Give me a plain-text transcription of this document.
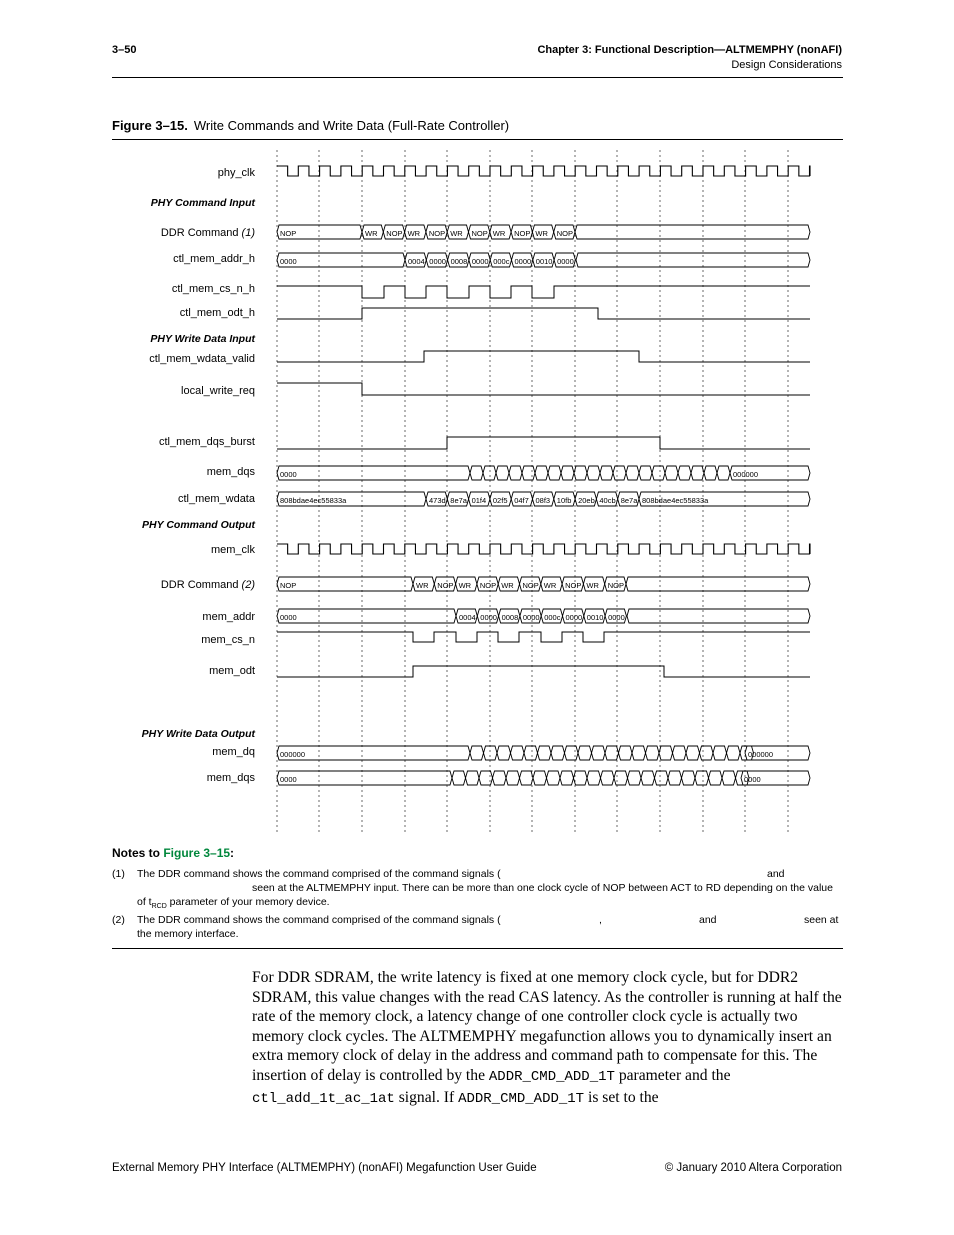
3–50	Chapter 3: Functional Description—ALTMEMPHY (nonAFI)
Design Considerations
Figure 3–15. Write Commands and Write Data (Full-Rate Controller)
phy_clk
PHY Command Input
DDR Command (1)
ctl_mem_addr_h
ctl_mem_cs_n_h
ctl_mem_odt_h
PHY Write Data Input
ctl_mem_wdata_valid
local_write_req
ctl_mem_dqs_burst
mem_dqs
ctl_mem_wdata
PHY Command Output
mem_clk
DDR Command (2)
mem_addr
mem_cs_n
mem_odt
PHY Write Data Output
mem_dq
mem_dqs
NOP	WR NOP WR NOP WR NOP WR NOP WR NOP
0000	0004 0000 0008 0000 000c 0000 0010 0000
0000	000000
808bdae4ec55833a	473d 8e7a 01f4 02f5 04f7 08f3 10fb 20eb 40cb 8e7a 808bdae4ec55833a
NOP	WR NOP WR NOP WR NOP WR NOP WR NOP
0000	0004 0000 0008 0000 000c 0000 0010 0000
000000	000000
0000	0000
Notes to Figure 3–15:
(1) The DDR command shows the command comprised of the command signals (	and
seen at the ALTMEMPHY input. There can be more than one clock cycle of NOP between ACT to RD depending on the value
of $t_{RCD}$ parameter of your memory device.
(2) The DDR command shows the command comprised of the command signals (	,	and	seen at
the memory interface.
For DDR SDRAM, the write latency is fixed at one memory clock cycle, but for DDR2 SDRAM, this value changes with the read CAS latency. As the controller is running at half the rate of the memory clock, a latency change of one controller clock cycle is actually two memory clock cycles. The ALTMEMPHY megafunction allows you to dynamically insert an extra memory clock of delay in the address and command path to compensate for this. The insertion of delay is controlled by the ADDR_CMD_ADD_1T parameter and the ctl_add_1t_ac_1at signal. If ADDR_CMD_ADD_1T is set to the
External Memory PHY Interface (ALTMEMPHY) (nonAFI) Megafunction User Guide	© January 2010 Altera Corporation
